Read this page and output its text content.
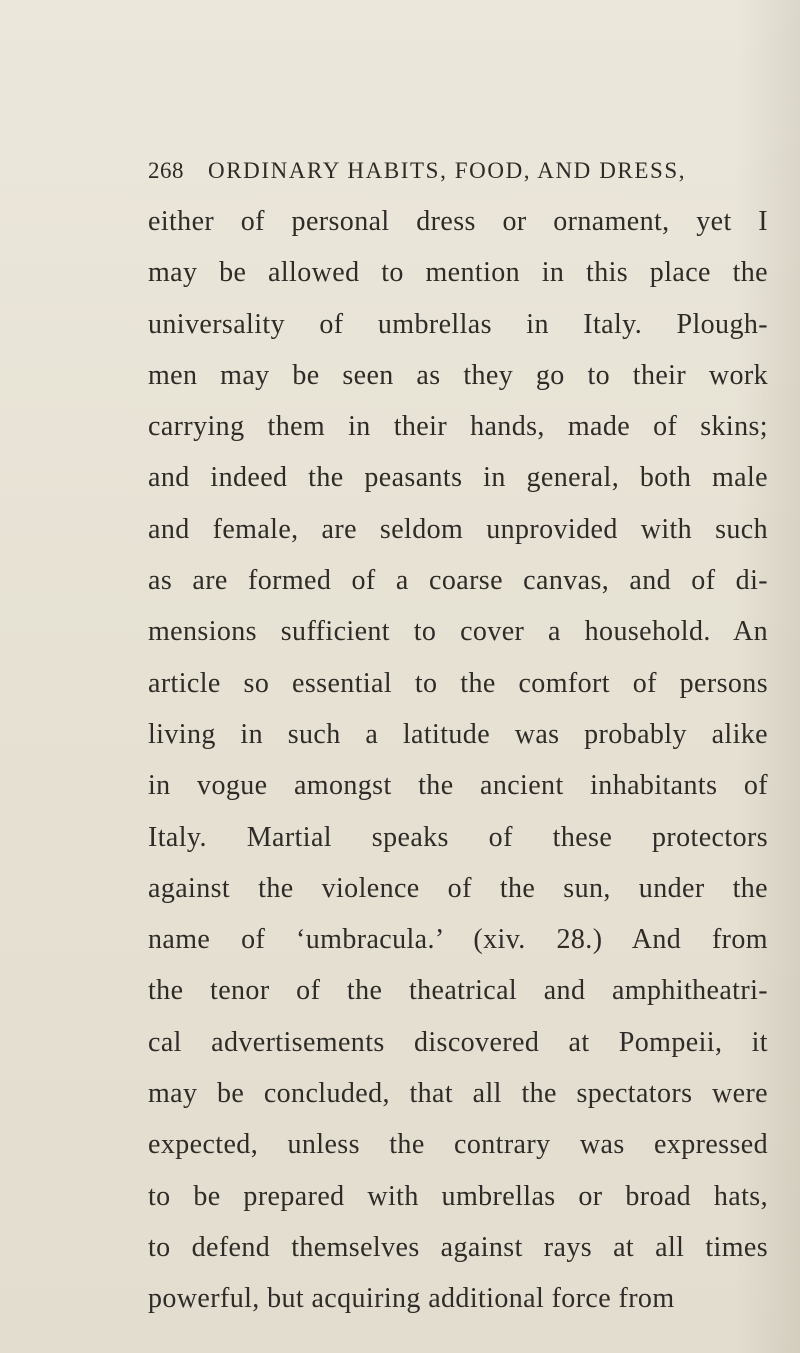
268 ORDINARY HABITS, FOOD, AND DRESS,
either of personal dress or ornament, yet I
may be allowed to mention in this place the
universality of umbrellas in Italy. Plough-
men may be seen as they go to their work
carrying them in their hands, made of skins;
and indeed the peasants in general, both male
and female, are seldom unprovided with such
as are formed of a coarse canvas, and of di-
mensions sufficient to cover a household. An
article so essential to the comfort of persons
living in such a latitude was probably alike
in vogue amongst the ancient inhabitants of
Italy. Martial speaks of these protectors
against the violence of the sun, under the
name of ‘umbracula.’ (xiv. 28.) And from
the tenor of the theatrical and amphitheatri-
cal advertisements discovered at Pompeii, it
may be concluded, that all the spectators were
expected, unless the contrary was expressed
to be prepared with umbrellas or broad hats,
to defend themselves against rays at all times
powerful, but acquiring additional force from
